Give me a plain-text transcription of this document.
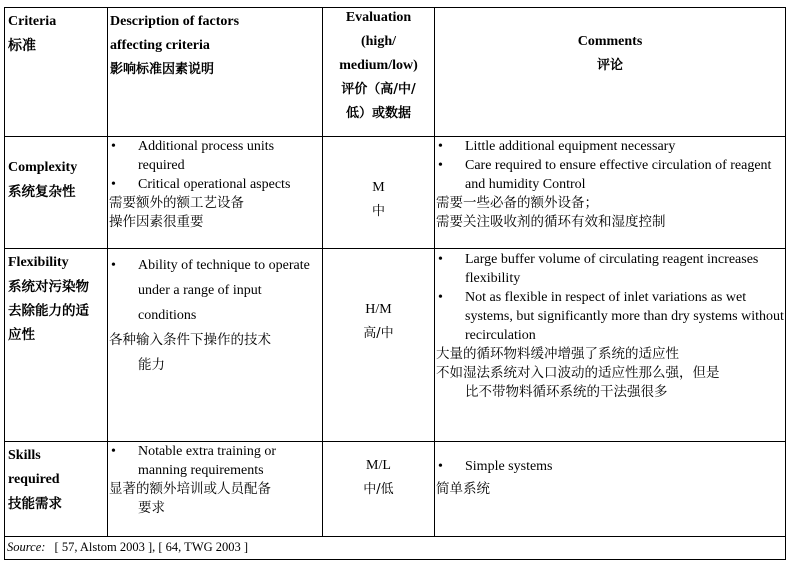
Criteria
标准
Description of factors
affecting criteria
影响标准因素说明
Evaluation
(high/
medium/low)
评价（高/中/
低）或数据
Comments
评论
Complexity
系统复杂性
• Additional process units required
• Critical operational aspects
需要额外的额工艺设备
操作因素很重要
M
中
• Little additional equipment necessary
• Care required to ensure effective circulation of reagent and humidity Control
需要一些必备的额外设备；
需要关注吸收剂的循环有效和湿度控制
Flexibility
系统对污染物
去除能力的适
应性
• Ability of technique to operate under a range of input conditions
各种输入条件下操作的技术
能力
H/M
高/中
• Large buffer volume of circulating reagent increases flexibility
• Not as flexible in respect of inlet variations as wet systems, but significantly more than dry systems without recirculation
大量的循环物料缓冲增强了系统的适应性
不如湿法系统对入口波动的适应性那么强，但是
比不带物料循环系统的干法强很多
Skills
required
技能需求
• Notable extra training or manning requirements
显著的额外培训或人员配备
要求
M/L
中/低
• Simple systems
简单系统
Source: [ 57, Alstom 2003 ], [ 64, TWG 2003 ]
